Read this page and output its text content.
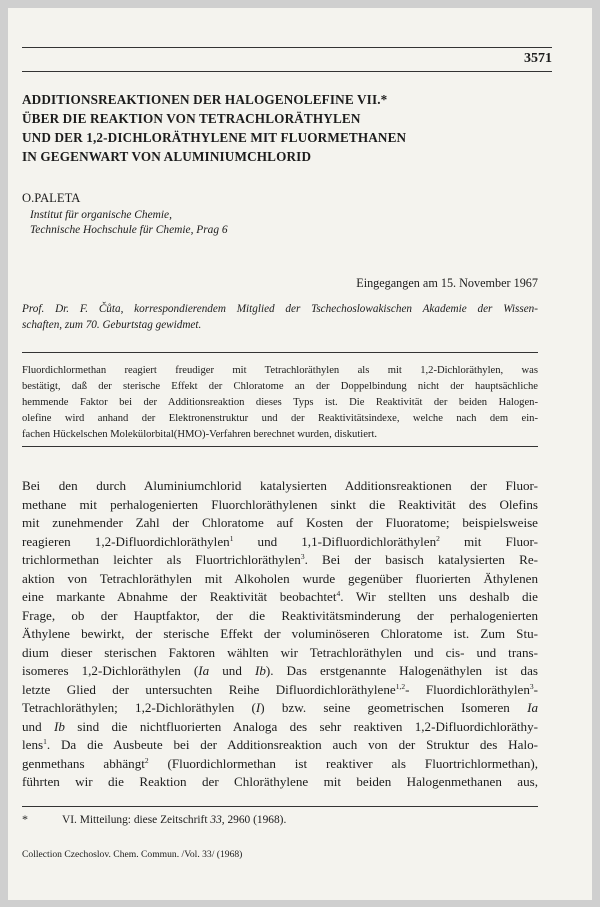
3571
ADDITIONSREAKTIONEN DER HALOGENOLEFINE VII.*
ÜBER DIE REAKTION VON TETRACHLORÄTHYLEN
UND DER 1,2-DICHLORÄTHYLENE MIT FLUORMETHANEN
IN GEGENWART VON ALUMINIUMCHLORID
O.PALETA
Institut für organische Chemie,
Technische Hochschule für Chemie, Prag 6
Eingegangen am 15. November 1967
Prof. Dr. F. Čůta, korrespondierendem Mitglied der Tschechoslowakischen Akademie der Wissen-
schaften, zum 70. Geburtstag gewidmet.
Fluordichlormethan reagiert freudiger mit Tetrachloräthylen als mit 1,2-Dichloräthylen, was
bestätigt, daß der sterische Effekt der Chloratome an der Doppelbindung nicht der hauptsächliche
hemmende Faktor bei der Additionsreaktion dieses Typs ist. Die Reaktivität der beiden Halogen-
olefine wird anhand der Elektronenstruktur und der Reaktivitätsindexe, welche nach dem ein-
fachen Hückelschen Molekülorbital(HMO)-Verfahren berechnet wurden, diskutiert.
Bei den durch Aluminiumchlorid katalysierten Additionsreaktionen der Fluor-
methane mit perhalogenierten Fluorchloräthylenen sinkt die Reaktivität des Olefins
mit zunehmender Zahl der Chloratome auf Kosten der Fluoratome; beispielsweise
reagieren 1,2-Difluordichloräthylen$^1$ und 1,1-Difluordichloräthylen$^2$ mit Fluor-
trichlormethan leichter als Fluortrichloräthylen$^3$. Bei der basisch katalysierten Re-
aktion von Tetrachloräthylen mit Alkoholen wurde gegenüber fluorierten Äthylenen
eine markante Abnahme der Reaktivität beobachtet$^4$. Wir stellten uns deshalb die
Frage, ob der Hauptfaktor, der die Reaktivitätsminderung der perhalogenierten
Äthylene bewirkt, der sterische Effekt der voluminöseren Chloratome ist. Zum Stu-
dium dieser sterischen Faktoren wählten wir Tetrachloräthylen und cis- und trans-
isomeres 1,2-Dichloräthylen (Ia und Ib). Das erstgenannte Halogenäthylen ist das
letzte Glied der untersuchten Reihe Difluordichloräthylene$^{1,2}$- Fluordichloräthylen$^3$-
Tetrachloräthylen; 1,2-Dichloräthylen (I) bzw. seine geometrischen Isomeren Ia
und Ib sind die nichtfluorierten Analoga des sehr reaktiven 1,2-Difluordichloräthy-
lens$^1$. Da die Ausbeute bei der Additionsreaktion auch von der Struktur des Halo-
genmethans abhängt$^2$ (Fluordichlormethan ist reaktiver als Fluortrichlormethan),
führten wir die Reaktion der Chloräthylene mit beiden Halogenmethanen aus,
*	VI. Mitteilung: diese Zeitschrift 33, 2960 (1968).
Collection Czechoslov. Chem. Commun. /Vol. 33/ (1968)
